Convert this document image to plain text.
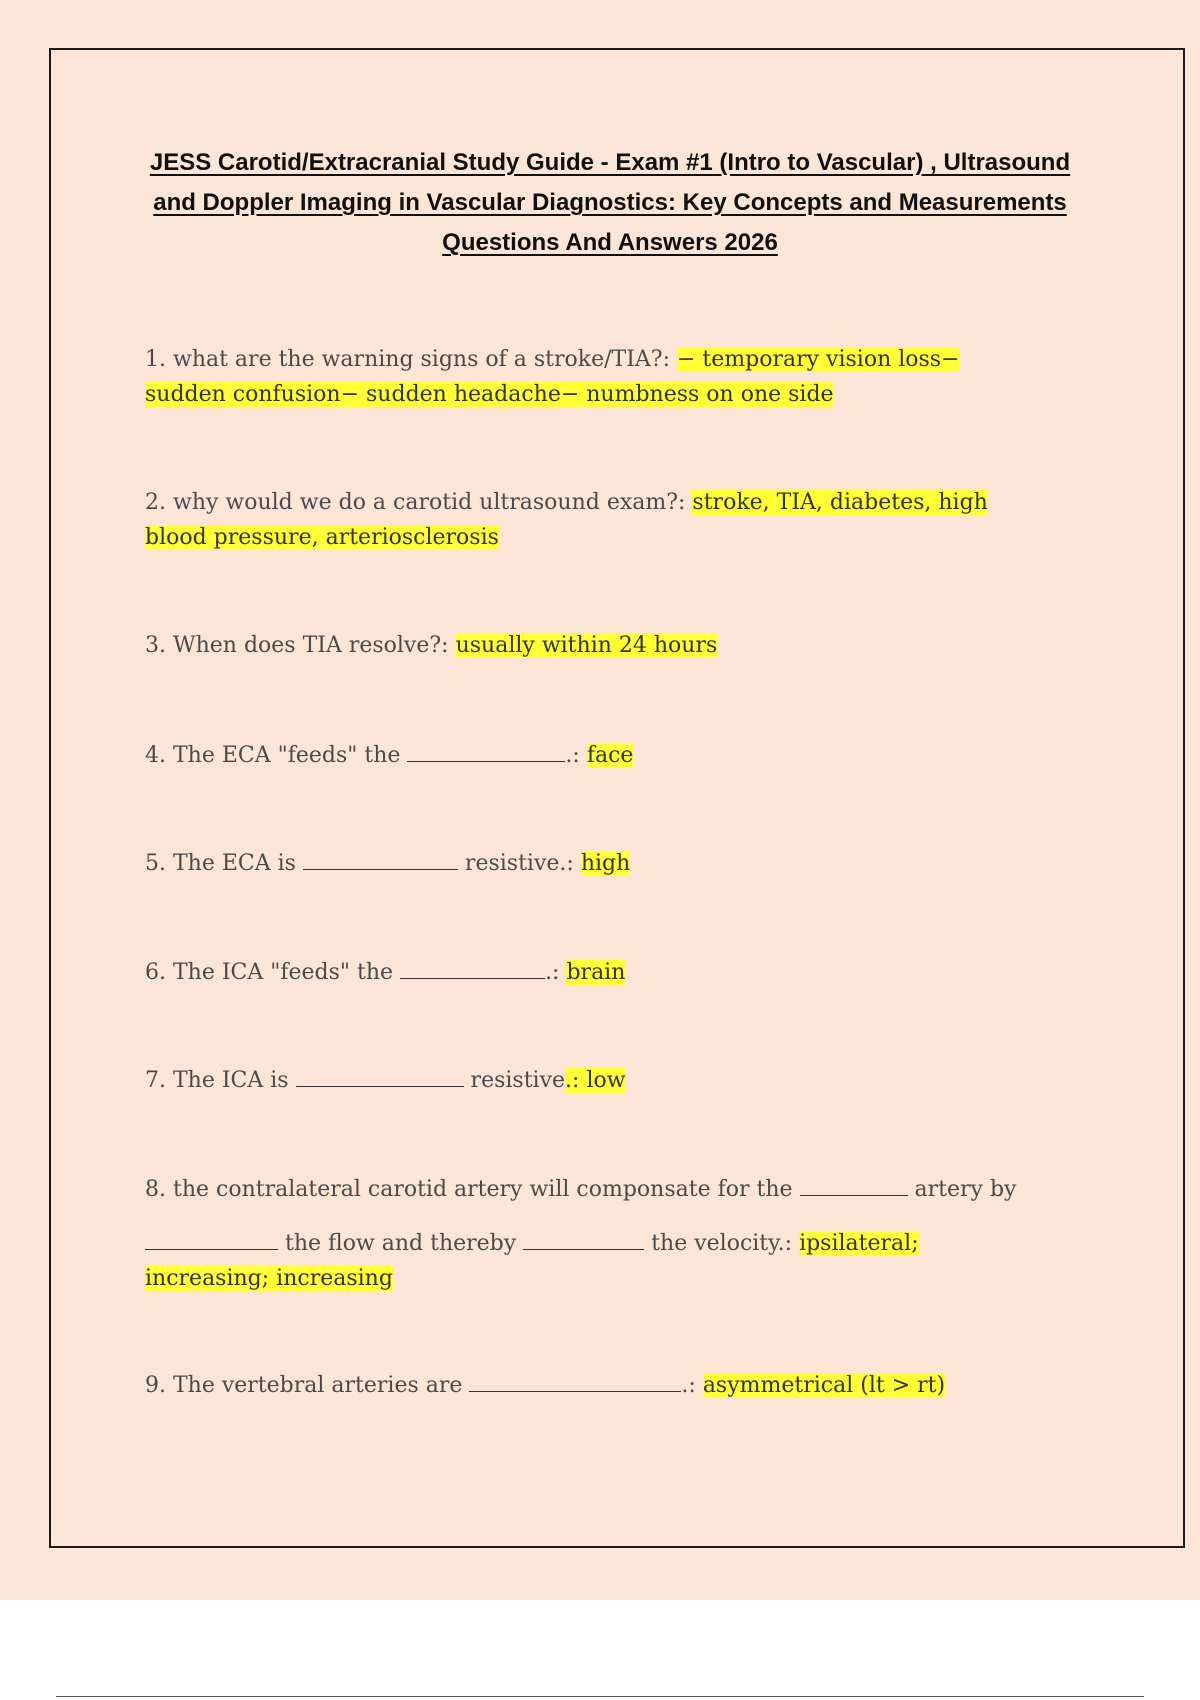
JESS Carotid/Extracranial Study Guide - Exam #1 (Intro to Vascular) , Ultrasound
and Doppler Imaging in Vascular Diagnostics: Key Concepts and Measurements
Questions And Answers 2026
1. what are the warning signs of a stroke/TIA?: − temporary vision loss− sudden confusion− sudden headache− numbness on one side
2. why would we do a carotid ultrasound exam?: stroke, TIA, diabetes, high blood pressure, arteriosclerosis
3. When does TIA resolve?: usually within 24 hours
4. The ECA "feeds" the	.: face
5. The ECA is	resistive.: high
6. The ICA "feeds" the	.: brain
7. The ICA is	resistive.: low
8. the contralateral carotid artery will componsate for the	artery by
the flow and thereby	the velocity.: ipsilateral; increasing; increasing
9. The vertebral arteries are	.: asymmetrical (lt > rt)
